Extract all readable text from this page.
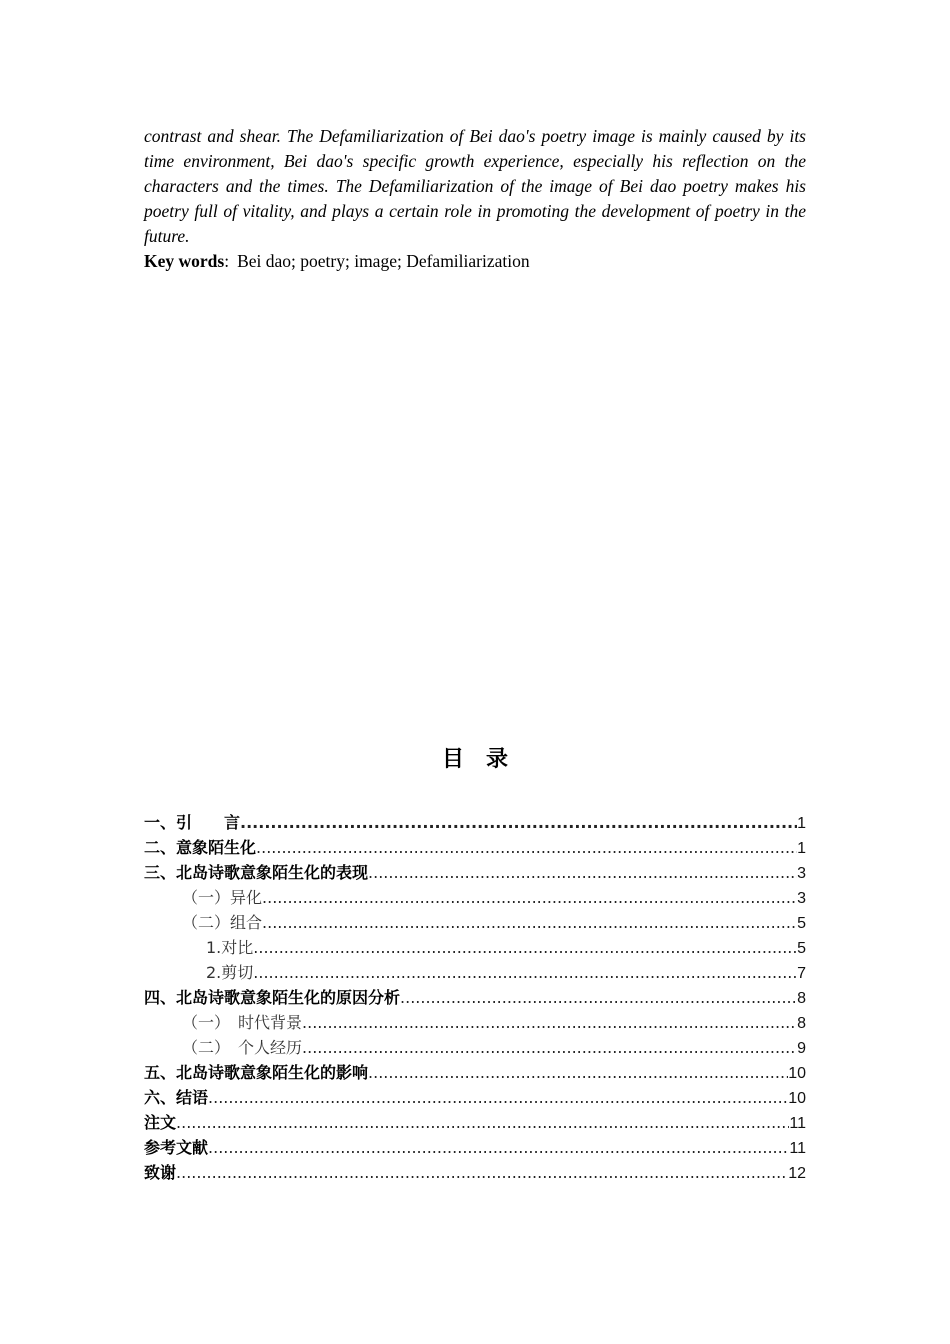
contrast and shear. The Defamiliarization of Bei dao's poetry image is mainly caused by its time environment, Bei dao's specific growth experience, especially his reflection on the characters and the times. The Defamiliarization of the image of Bei dao poetry makes his poetry full of vitality, and plays a certain role in promoting the development of poetry in the future.

Key words: Bei dao; poetry; image; Defamiliarization

目录
一、引　　言 .....	1
二、意象陌生化 .....	1
三、北岛诗歌意象陌生化的表现 .....	3
（一）异化 .....	3
（二）组合 .....	5
1.对比 .....	5
2.剪切 .....	7
四、北岛诗歌意象陌生化的原因分析 .....	8
（一）　时代背景 .....	8
（二）　个人经历 .....	9
五、北岛诗歌意象陌生化的影响 .....	10
六、结语 .....	10
注文 .....	11
参考文献 .....	11
致谢 .....	12
